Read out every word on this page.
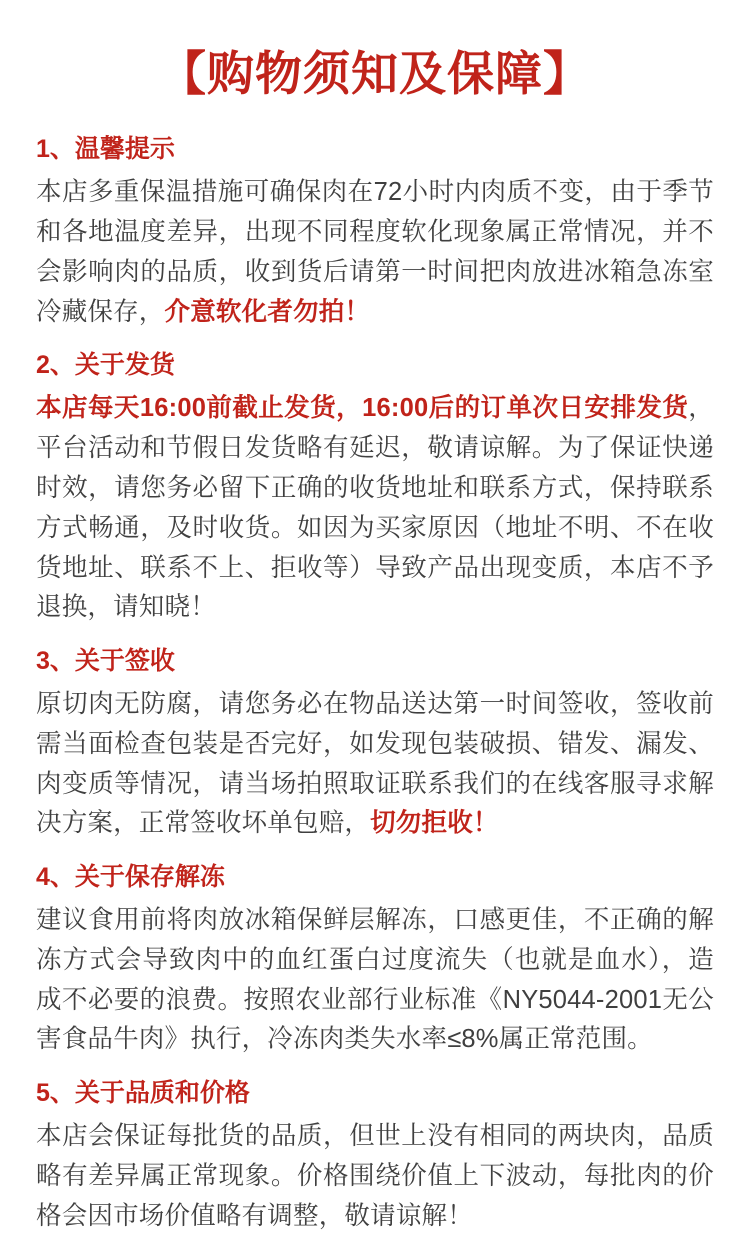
【购物须知及保障】
1、温馨提示

本店多重保温措施可确保肉在72小时内肉质不变，由于季节和各地温度差异，出现不同程度软化现象属正常情况，并不会影响肉的品质，收到货后请第一时间把肉放进冰箱急冻室冷藏保存，介意软化者勿拍！

2、关于发货

本店每天16:00前截止发货，16:00后的订单次日安排发货，平台活动和节假日发货略有延迟，敬请谅解。为了保证快递时效，请您务必留下正确的收货地址和联系方式，保持联系方式畅通，及时收货。如因为买家原因（地址不明、不在收货地址、联系不上、拒收等）导致产品出现变质，本店不予退换，请知晓！

3、关于签收

原切肉无防腐，请您务必在物品送达第一时间签收，签收前需当面检查包装是否完好，如发现包装破损、错发、漏发、肉变质等情况，请当场拍照取证联系我们的在线客服寻求解决方案，正常签收坏单包赔，切勿拒收！

4、关于保存解冻

建议食用前将肉放冰箱保鲜层解冻，口感更佳，不正确的解冻方式会导致肉中的血红蛋白过度流失（也就是血水），造成不必要的浪费。按照农业部行业标准《NY5044-2001无公害食品牛肉》执行，冷冻肉类失水率≤8%属正常范围。

5、关于品质和价格

本店会保证每批货的品质，但世上没有相同的两块肉，品质略有差异属正常现象。价格围绕价值上下波动，每批肉的价格会因市场价值略有调整，敬请谅解！
